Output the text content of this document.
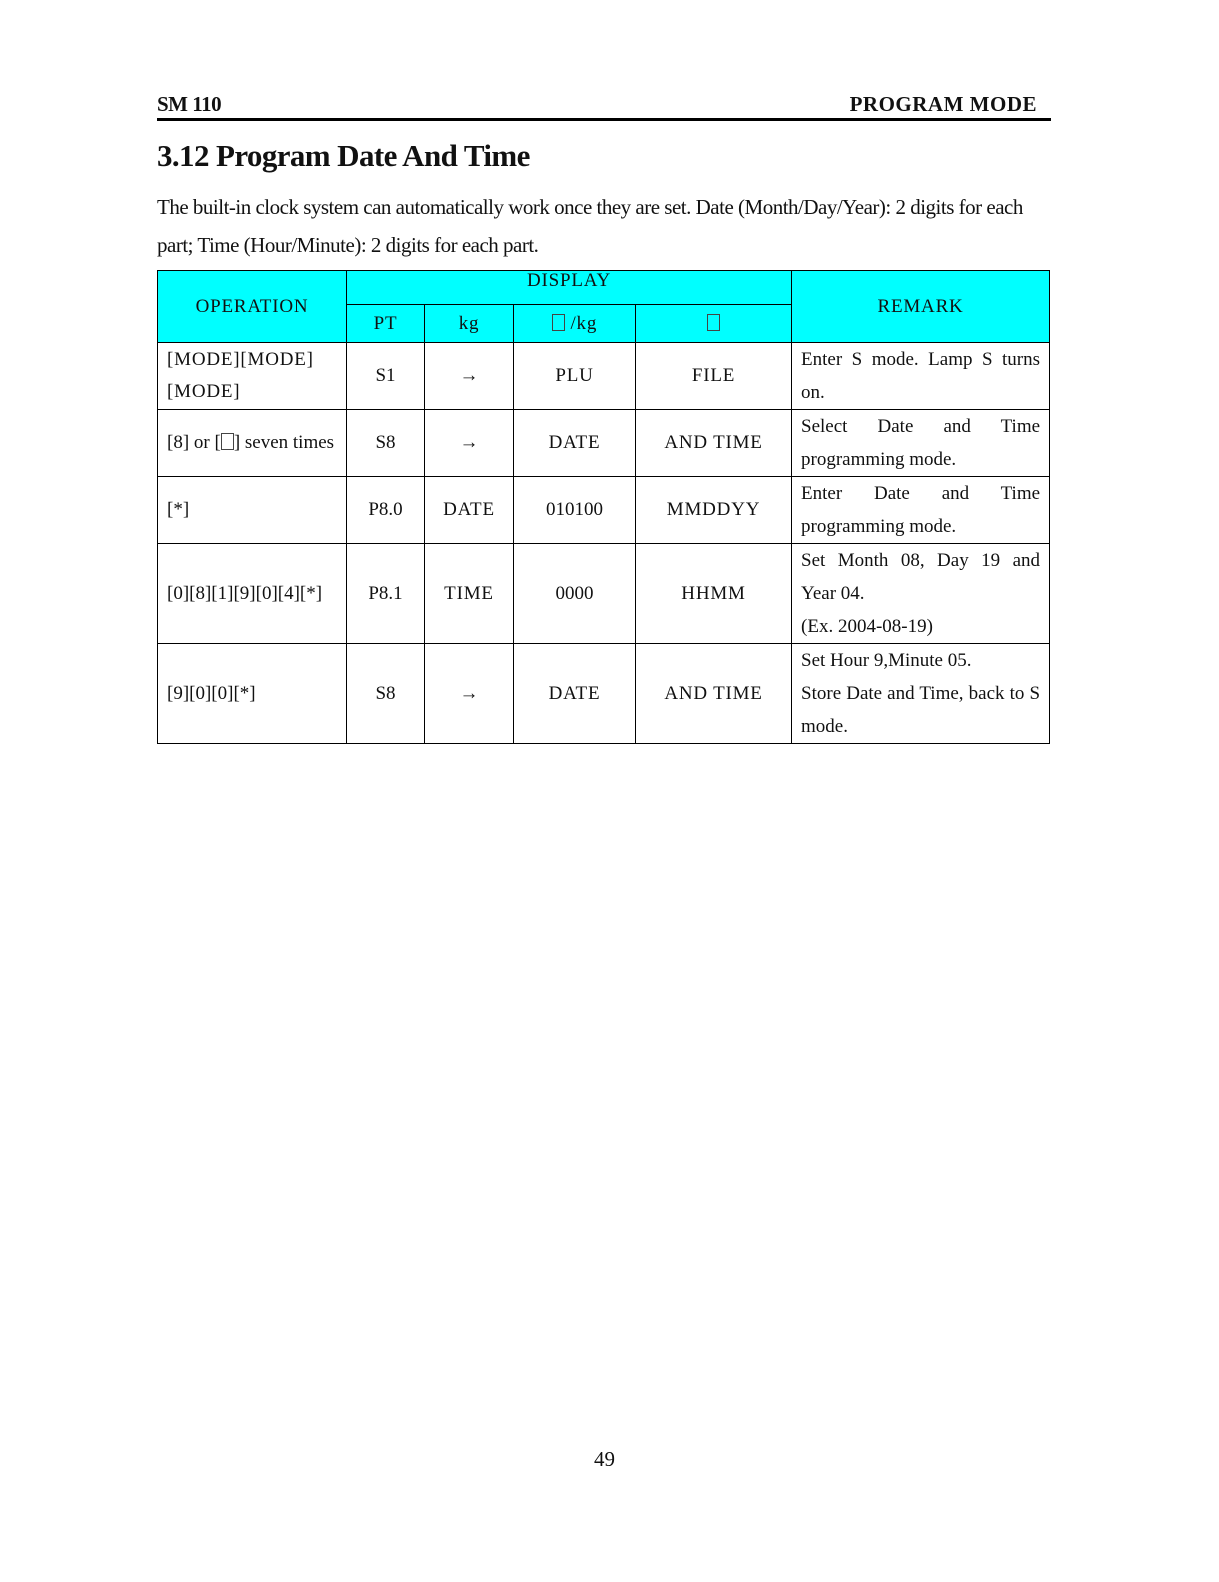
SM 110	PROGRAM MODE
3.12 Program Date And Time

The built-in clock system can automatically work once they are set. Date (Month/Day/Year): 2 digits for each part; Time (Hour/Minute): 2 digits for each part.

OPERATION	DISPLAY				REMARK
	PT	kg	/kg		
[MODE][MODE][MODE]	S1	→	PLU	FILE	Enter S mode. Lamp S turns on.
[8] or [ ] seven times	S8	→	DATE	AND TIME	Select Date and Time programming mode.
[*]	P8.0	DATE	010100	MMDDYY	Enter Date and Time programming mode.
[0][8][1][9][0][4][*]	P8.1	TIME	0000	HHMM	Set Month 08, Day 19 and Year 04.
(Ex. 2004-08-19)

[9][0][0][*]	S8	→	DATE	AND TIME	Set Hour 9,Minute 05.
Store Date and Time, back to S mode.
49
